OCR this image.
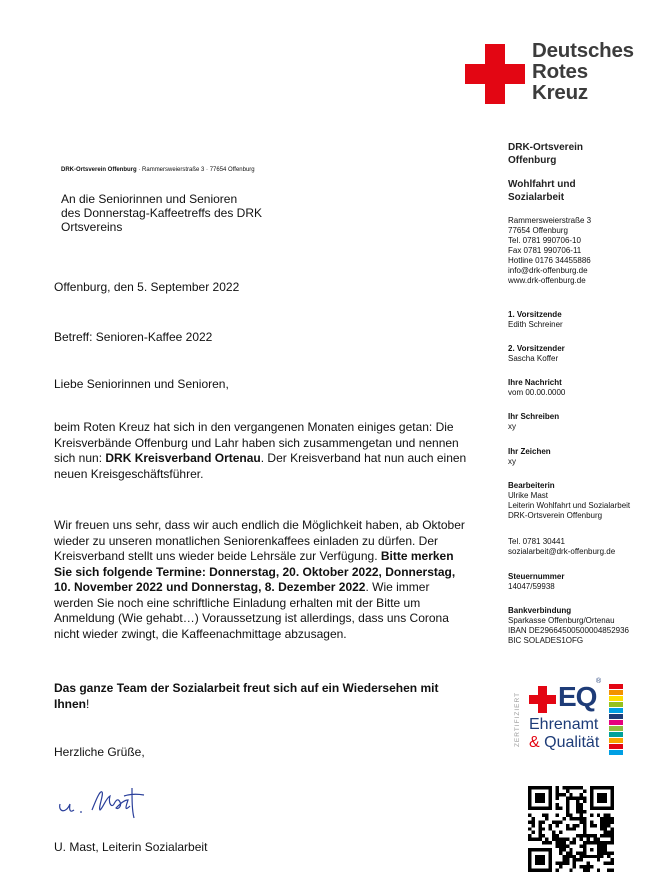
Deutsches
Rotes
Kreuz
DRK-Ortsverein Offenburg · Rammersweierstraße 3 · 77654 Offenburg
An die Seniorinnen und Senioren
des Donnerstag-Kaffeetreffs des DRK
Ortsvereins
Offenburg, den 5. September 2022
Betreff: Senioren-Kaffee 2022
Liebe Seniorinnen und Senioren,
beim Roten Kreuz hat sich in den vergangenen Monaten einiges getan: Die
Kreisverbände Offenburg und Lahr haben sich zusammengetan und nennen
sich nun: DRK Kreisverband Ortenau. Der Kreisverband hat nun auch einen
neuen Kreisgeschäftsführer.
Wir freuen uns sehr, dass wir auch endlich die Möglichkeit haben, ab Oktober
wieder zu unseren monatlichen Seniorenkaffees einladen zu dürfen. Der
Kreisverband stellt uns wieder beide Lehrsäle zur Verfügung. Bitte merken
Sie sich folgende Termine: Donnerstag, 20. Oktober 2022, Donnerstag,
10. November 2022 und Donnerstag, 8. Dezember 2022. Wie immer
werden Sie noch eine schriftliche Einladung erhalten mit der Bitte um
Anmeldung (Wie gehabt…) Voraussetzung ist allerdings, dass uns Corona
nicht wieder zwingt, die Kaffeenachmittage abzusagen.
Das ganze Team der Sozialarbeit freut sich auf ein Wiedersehen mit
Ihnen!
Herzliche Grüße,
U. Mast, Leiterin Sozialarbeit
DRK-Ortsverein
Offenburg
Wohlfahrt und
Sozialarbeit
Rammersweierstraße 3
77654 Offenburg
Tel. 0781 990706-10
Fax 0781 990706-11
Hotline 0176 34455886
info@drk-offenburg.de
www.drk-offenburg.de
1. Vorsitzende
Edith Schreiner
2. Vorsitzender
Sascha Koffer
Ihre Nachricht
vom 00.00.0000
Ihr Schreiben
xy
Ihr Zeichen
xy
Bearbeiterin
Ulrike Mast
Leiterin Wohlfahrt und Sozialarbeit
DRK-Ortsverein Offenburg
Tel. 0781 30441
sozialarbeit@drk-offenburg.de
Steuernummer
14047/59938
Bankverbindung
Sparkasse Offenburg/Ortenau
IBAN DE29664500500004852936
BIC SOLADES1OFG
ZERTIFIZIERT EQ ®
Ehrenamt
& Qualität
